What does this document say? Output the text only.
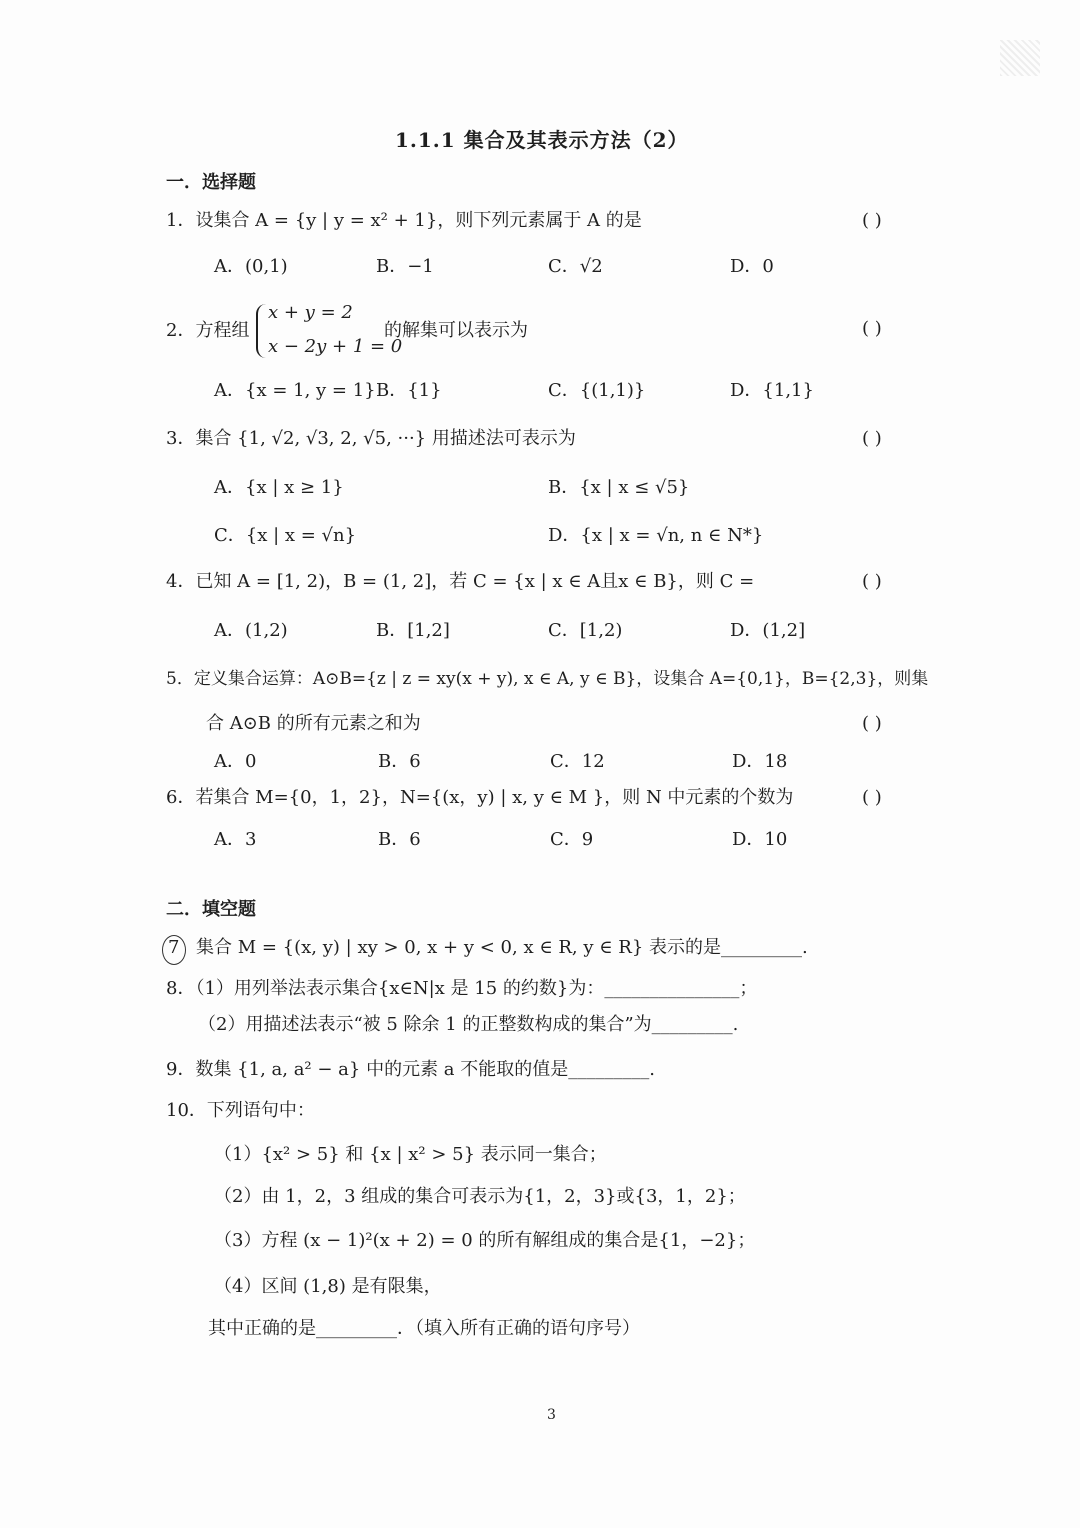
1.1.1 集合及其表示方法（2）
一．选择题
1．设集合 A = {y | y = x² + 1}，则下列元素属于 A 的是	( )
A．(0,1)	B．−1	C．√2	D．0
2．方程组
x + y = 2
x − 2y + 1 = 0
的解集可以表示为	( )
A．{x = 1, y = 1} B．{1}	C．{(1,1)}	D．{1,1}
3．集合 {1, √2, √3, 2, √5, ···} 用描述法可表示为	( )
A．{x | x ≥ 1}	B．{x | x ≤ √5}
C．{x | x = √n}	D．{x | x = √n, n ∈ N*}
4．已知 A = [1, 2)，B = (1, 2]，若 C = {x | x ∈ A且x ∈ B}，则 C =	( )
A．(1,2)	B．[1,2]	C．[1,2)	D．(1,2]
5．定义集合运算：A⊙B={z | z = xy(x + y), x ∈ A, y ∈ B}，设集合 A={0,1}，B={2,3}，则集
合 A⊙B 的所有元素之和为	( )
A．0	B．6	C．12	D．18
6．若集合 M={0，1，2}，N={(x，y) | x, y ∈ M }，则 N 中元素的个数为	( )
A．3	B．6	C．9	D．10
二．填空题
7 集合 M = {(x, y) | xy > 0, x + y < 0, x ∈ R, y ∈ R} 表示的是_________.
8．（1）用列举法表示集合{x∈N|x 是 15 的约数}为：_______________；
（2）用描述法表示“被 5 除余 1 的正整数构成的集合”为_________.
9．数集 {1, a, a² − a} 中的元素 a 不能取的值是_________.
10．下列语句中：
（1）{x² > 5} 和 {x | x² > 5} 表示同一集合；
（2）由 1，2，3 组成的集合可表示为{1，2，3}或{3，1，2}；
（3）方程 (x − 1)²(x + 2) = 0 的所有解组成的集合是{1，−2}；
（4）区间 (1,8) 是有限集，
其中正确的是_________．（填入所有正确的语句序号）
3
